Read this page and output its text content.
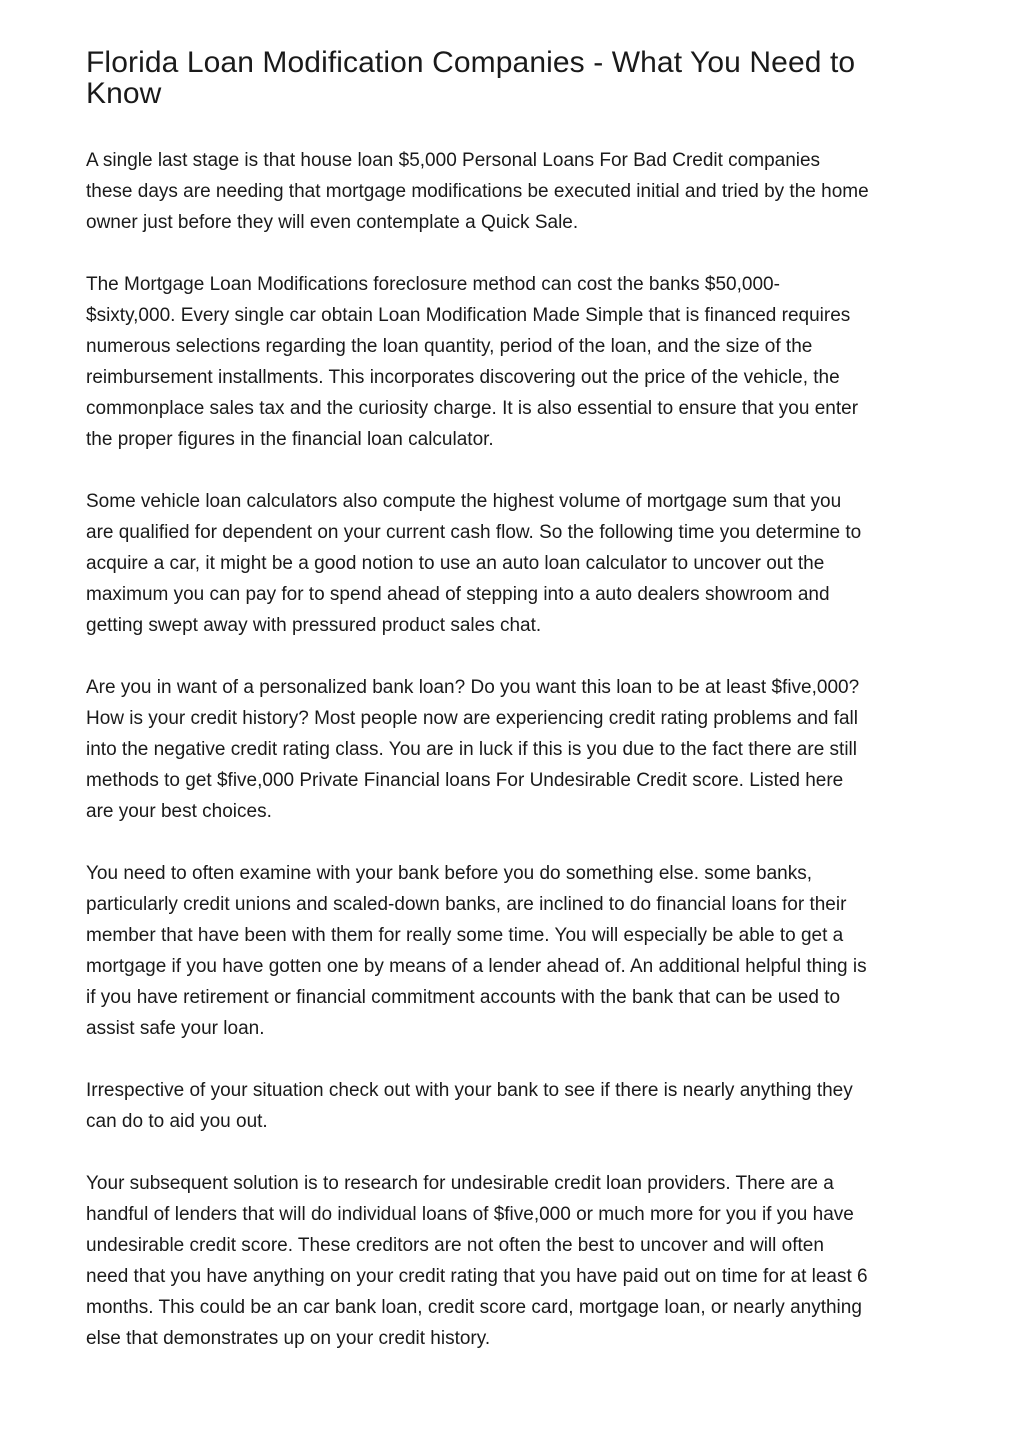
Florida Loan Modification Companies - What You Need to
Know

A single last stage is that house loan $5,000 Personal Loans For Bad Credit companies
these days are needing that mortgage modifications be executed initial and tried by the home
owner just before they will even contemplate a Quick Sale.

The Mortgage Loan Modifications foreclosure method can cost the banks $50,000-
$sixty,000. Every single car obtain Loan Modification Made Simple that is financed requires
numerous selections regarding the loan quantity, period of the loan, and the size of the
reimbursement installments. This incorporates discovering out the price of the vehicle, the
commonplace sales tax and the curiosity charge. It is also essential to ensure that you enter
the proper figures in the financial loan calculator.

Some vehicle loan calculators also compute the highest volume of mortgage sum that you
are qualified for dependent on your current cash flow. So the following time you determine to
acquire a car, it might be a good notion to use an auto loan calculator to uncover out the
maximum you can pay for to spend ahead of stepping into a auto dealers showroom and
getting swept away with pressured product sales chat.

Are you in want of a personalized bank loan? Do you want this loan to be at least $five,000?
How is your credit history? Most people now are experiencing credit rating problems and fall
into the negative credit rating class. You are in luck if this is you due to the fact there are still
methods to get $five,000 Private Financial loans For Undesirable Credit score. Listed here
are your best choices.

You need to often examine with your bank before you do something else. some banks,
particularly credit unions and scaled-down banks, are inclined to do financial loans for their
member that have been with them for really some time. You will especially be able to get a
mortgage if you have gotten one by means of a lender ahead of. An additional helpful thing is
if you have retirement or financial commitment accounts with the bank that can be used to
assist safe your loan.

Irrespective of your situation check out with your bank to see if there is nearly anything they
can do to aid you out.

Your subsequent solution is to research for undesirable credit loan providers. There are a
handful of lenders that will do individual loans of $five,000 or much more for you if you have
undesirable credit score. These creditors are not often the best to uncover and will often
need that you have anything on your credit rating that you have paid out on time for at least 6
months. This could be an car bank loan, credit score card, mortgage loan, or nearly anything
else that demonstrates up on your credit history.
